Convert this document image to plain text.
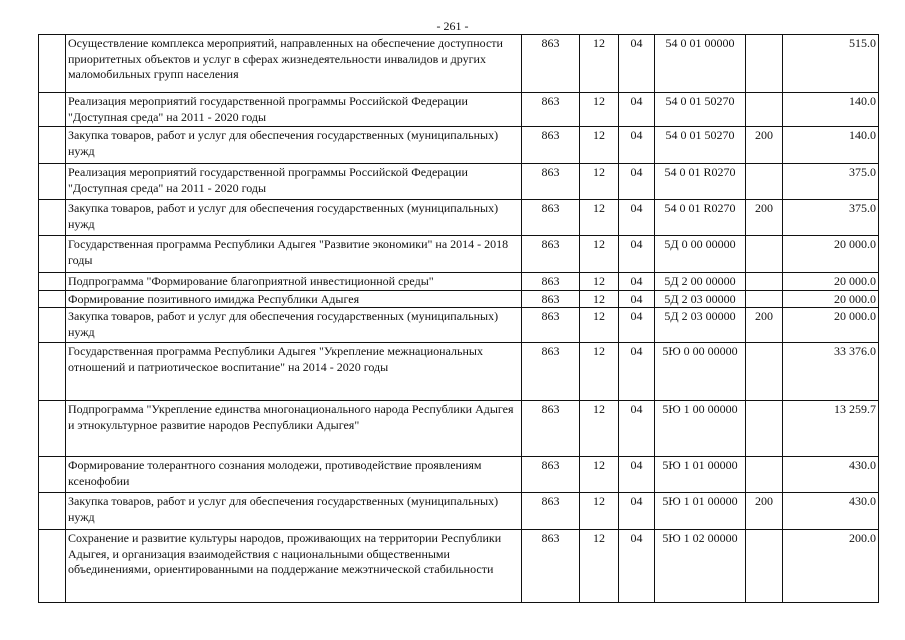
- 261 -
	Осуществление комплекса мероприятий, направленных на обеспечение доступности приоритетных объектов и услуг в сферах жизнедеятельности инвалидов и других маломобильных групп населения	863	12	04	54 0 01 00000		515.0
	Реализация мероприятий государственной программы Российской Федерации "Доступная среда" на 2011 - 2020 годы	863	12	04	54 0 01 50270		140.0
	Закупка товаров, работ и услуг для обеспечения государственных (муниципальных) нужд	863	12	04	54 0 01 50270	200	140.0
	Реализация мероприятий государственной программы Российской Федерации "Доступная среда" на 2011 - 2020 годы	863	12	04	54 0 01 R0270		375.0
	Закупка товаров, работ и услуг для обеспечения государственных (муниципальных) нужд	863	12	04	54 0 01 R0270	200	375.0
	Государственная программа Республики Адыгея "Развитие экономики" на 2014 - 2018 годы	863	12	04	5Д 0 00 00000		20 000.0
	Подпрограмма "Формирование благоприятной инвестиционной среды"	863	12	04	5Д 2 00 00000		20 000.0
	Формирование позитивного имиджа Республики Адыгея	863	12	04	5Д 2 03 00000		20 000.0
	Закупка товаров, работ и услуг для обеспечения государственных (муниципальных) нужд	863	12	04	5Д 2 03 00000	200	20 000.0
	Государственная программа Республики Адыгея "Укрепление межнациональных отношений и патриотическое воспитание" на 2014 - 2020 годы	863	12	04	5Ю 0 00 00000		33 376.0
	Подпрограмма "Укрепление единства многонационального народа Республики Адыгея и этнокультурное развитие народов Республики Адыгея"	863	12	04	5Ю 1 00 00000		13 259.7
	Формирование толерантного сознания молодежи, противодействие проявлениям ксенофобии	863	12	04	5Ю 1 01 00000		430.0
	Закупка товаров, работ и услуг для обеспечения государственных (муниципальных) нужд	863	12	04	5Ю 1 01 00000	200	430.0
	Сохранение и развитие культуры народов, проживающих на территории Республики Адыгея, и организация взаимодействия с национальными общественными объединениями, ориентированными на поддержание межэтнической стабильности	863	12	04	5Ю 1 02 00000		200.0
